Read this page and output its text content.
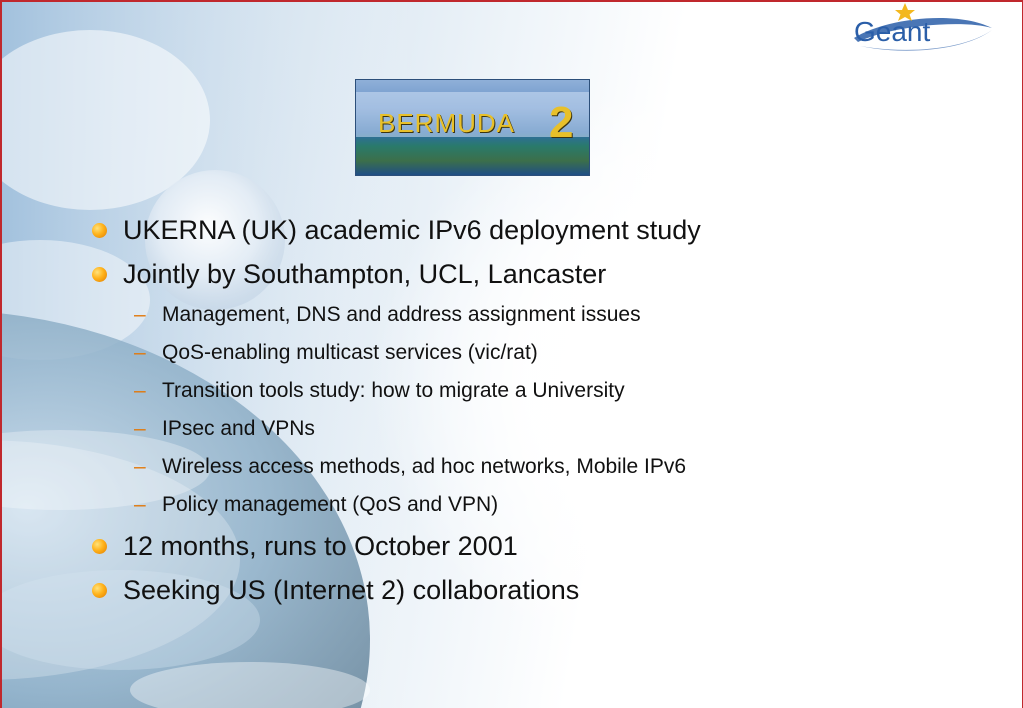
Geant
BERMUDA 2
UKERNA (UK) academic IPv6 deployment study
Jointly by Southampton, UCL, Lancaster
– Management, DNS and address assignment issues
– QoS-enabling multicast services (vic/rat)
– Transition tools study: how to migrate a University
– IPsec and VPNs
– Wireless access methods, ad hoc networks, Mobile IPv6
– Policy management (QoS and VPN)
12 months, runs to October 2001
Seeking US (Internet 2) collaborations
